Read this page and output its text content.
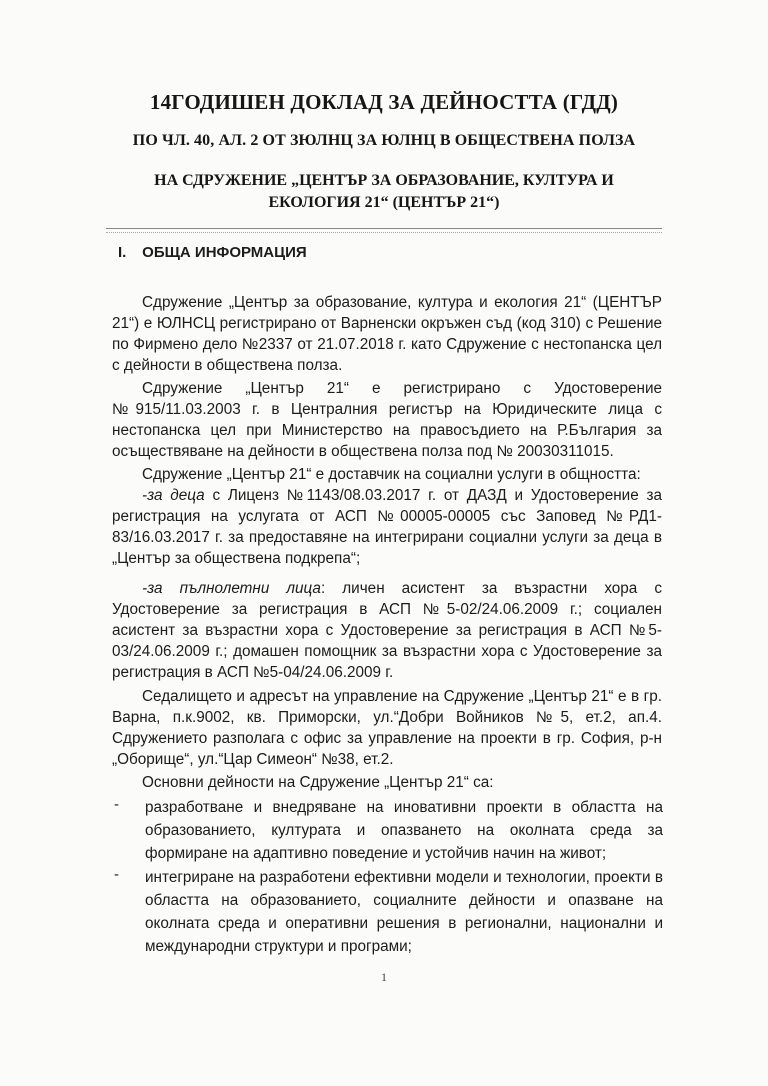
14ГОДИШЕН ДОКЛАД ЗА ДЕЙНОСТТА (ГДД)
ПО ЧЛ. 40, АЛ. 2 ОТ ЗЮЛНЦ ЗА ЮЛНЦ В ОБЩЕСТВЕНА ПОЛЗА
НА СДРУЖЕНИЕ „ЦЕНТЪР ЗА ОБРАЗОВАНИЕ, КУЛТУРА И
ЕКОЛОГИЯ 21“ (ЦЕНТЪР 21“)
I. ОБЩА ИНФОРМАЦИЯ
Сдружение „Център за образование, култура и екология 21“ (ЦЕНТЪР 21“) е ЮЛНСЦ регистрирано от Варненски окръжен съд (код 310) с Решение по Фирмено дело №2337 от 21.07.2018 г. като Сдружение с нестопанска цел с дейности в обществена полза.
Сдружение „Център 21“ е регистрирано с Удостоверение №915/11.03.2003 г. в Централния регистър на Юридическите лица с нестопанска цел при Министерство на правосъдието на Р.България за осъществяване на дейности в обществена полза под № 20030311015.
Сдружение „Център 21“ е доставчик на социални услуги в общността:
-за деца с Лиценз №1143/08.03.2017 г. от ДАЗД и Удостоверение за регистрация на услугата от АСП №00005-00005 със Заповед №РД1-83/16.03.2017 г. за предоставяне на интегрирани социални услуги за деца в „Център за обществена подкрепа“;
-за пълнолетни лица: личен асистент за възрастни хора с Удостоверение за регистрация в АСП №5-02/24.06.2009 г.; социален асистент за възрастни хора с Удостоверение за регистрация в АСП №5-03/24.06.2009 г.; домашен помощник за възрастни хора с Удостоверение за регистрация в АСП №5-04/24.06.2009 г.
Седалището и адресът на управление на Сдружение „Център 21“ е в гр. Варна, п.к.9002, кв. Приморски, ул.“Добри Войников №5, ет.2, ап.4. Сдружението разполага с офис за управление на проекти в гр. София, р-н „Оборище“, ул.“Цар Симеон“ №38, ет.2.
Основни дейности на Сдружение „Център 21“ са:
- разработване и внедряване на иновативни проекти в областта на образованието, културата и опазването на околната среда за формиране на адаптивно поведение и устойчив начин на живот;
- интегриране на разработени ефективни модели и технологии, проекти в областта на образованието, социалните дейности и опазване на околната среда и оперативни решения в регионални, национални и международни структури и програми;
1
